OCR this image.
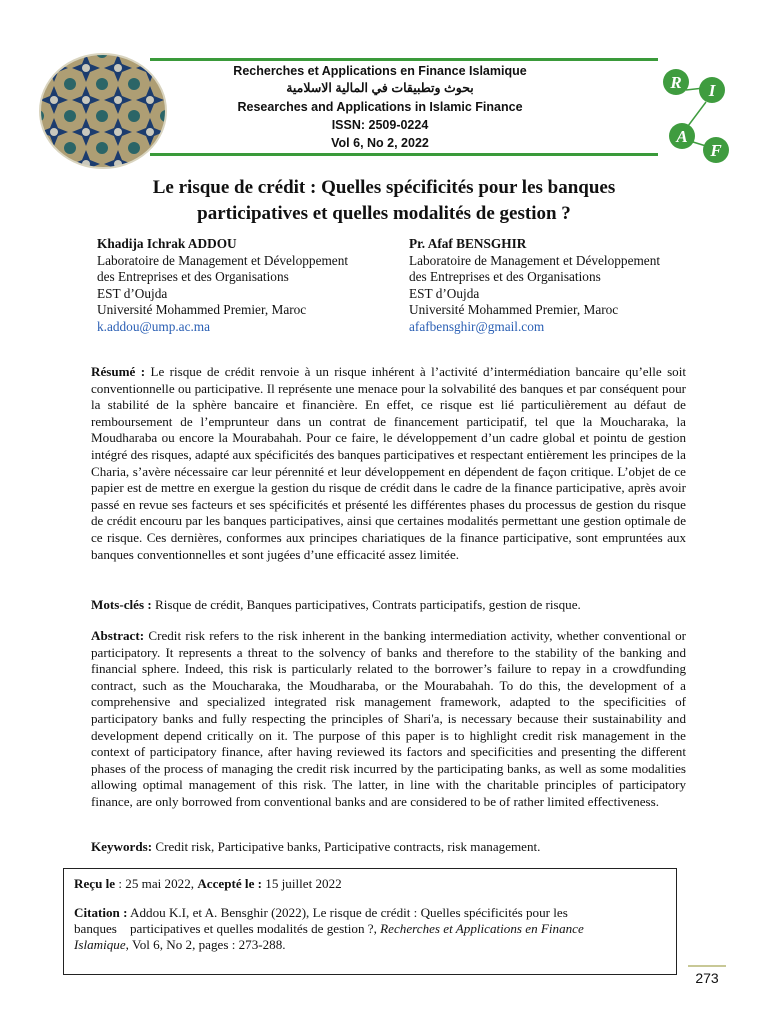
Recherches et Applications en Finance Islamique
بحوث وتطبيقات في المالية الاسلامية
Researches and Applications in Islamic Finance
ISSN: 2509-0224
Vol 6, No 2, 2022
R I
A
F
Le risque de crédit : Quelles spécificités pour les banques
participatives et quelles modalités de gestion ?
Khadija Ichrak ADDOU
Laboratoire de Management et Développement
des Entreprises et des Organisations
EST d’Oujda
Université Mohammed Premier, Maroc
k.addou@ump.ac.ma
Pr. Afaf BENSGHIR
Laboratoire de Management et Développement
des Entreprises et des Organisations
EST d’Oujda
Université Mohammed Premier, Maroc
afafbensghir@gmail.com
Résumé : Le risque de crédit renvoie à un risque inhérent à l’activité d’intermédiation bancaire qu’elle soit conventionnelle ou participative. Il représente une menace pour la solvabilité des banques et par conséquent pour la stabilité de la sphère bancaire et financière. En effet, ce risque est lié particulièrement au défaut de remboursement de l’emprunteur dans un contrat de financement participatif, tel que la Moucharaka, la Moudharaba ou encore la Mourabahah. Pour ce faire, le développement d’un cadre global et pointu de gestion intégré des risques, adapté aux spécificités des banques participatives et respectant entièrement les principes de la Charia, s’avère nécessaire car leur pérennité et leur développement en dépendent de façon critique. L’objet de ce papier est de mettre en exergue la gestion du risque de crédit dans le cadre de la finance participative, après avoir passé en revue ses facteurs et ses spécificités et présenté les différentes phases du processus de gestion du risque de crédit encouru par les banques participatives, ainsi que certaines modalités permettant une gestion optimale de ce risque. Ces dernières, conformes aux principes chariatiques de la finance participative, sont empruntées aux banques conventionnelles et sont jugées d’une efficacité assez limitée.
Mots-clés : Risque de crédit, Banques participatives, Contrats participatifs, gestion de risque.
Abstract: Credit risk refers to the risk inherent in the banking intermediation activity, whether conventional or participatory. It represents a threat to the solvency of banks and therefore to the stability of the banking and financial sphere. Indeed, this risk is particularly related to the borrower’s failure to repay in a crowdfunding contract, such as the Moucharaka, the Moudharaba, or the Mourabahah. To do this, the development of a comprehensive and specialized integrated risk management framework, adapted to the specificities of participatory banks and fully respecting the principles of Shari'a, is necessary because their sustainability and development depend critically on it. The purpose of this paper is to highlight credit risk management in the context of participatory finance, after having reviewed its factors and specificities and presenting the different phases of the process of managing the credit risk incurred by the participating banks, as well as some modalities allowing optimal management of this risk. The latter, in line with the charitable principles of participatory finance, are only borrowed from conventional banks and are considered to be of rather limited effectiveness.
Keywords: Credit risk, Participative banks, Participative contracts, risk management.
Reçu le : 25 mai 2022, Accepté le : 15 juillet 2022
Citation : Addou K.I, et A. Bensghir (2022), Le risque de crédit : Quelles spécificités pour les
banques    participatives et quelles modalités de gestion ?, Recherches et Applications en Finance
Islamique, Vol 6, No 2, pages : 273-288.
273
